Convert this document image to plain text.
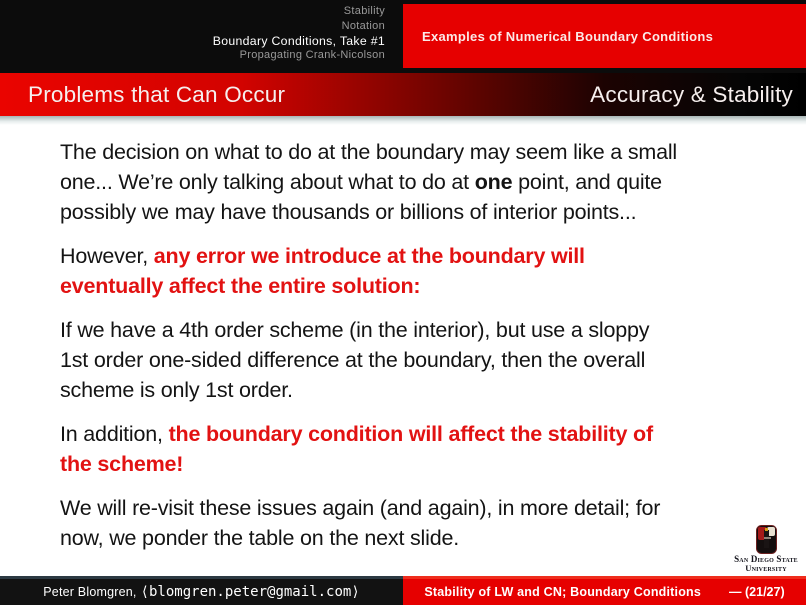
Stability
Notation
Boundary Conditions, Take #1
Propagating Crank-Nicolson
Examples of Numerical Boundary Conditions
Problems that Can Occur	Accuracy & Stability
The decision on what to do at the boundary may seem like a small
one... We’re only talking about what to do at one point, and quite
possibly we may have thousands or billions of interior points...
However, any error we introduce at the boundary will
eventually affect the entire solution:
If we have a 4th order scheme (in the interior), but use a sloppy
1st order one-sided difference at the boundary, then the overall
scheme is only 1st order.
In addition, the boundary condition will affect the stability of
the scheme!
We will re-visit these issues again (and again), in more detail; for
now, we ponder the table on the next slide.
San Diego State
University
Peter Blomgren, ⟨blomgren.peter@gmail.com⟩	Stability of LW and CN; Boundary Conditions — (21/27)
